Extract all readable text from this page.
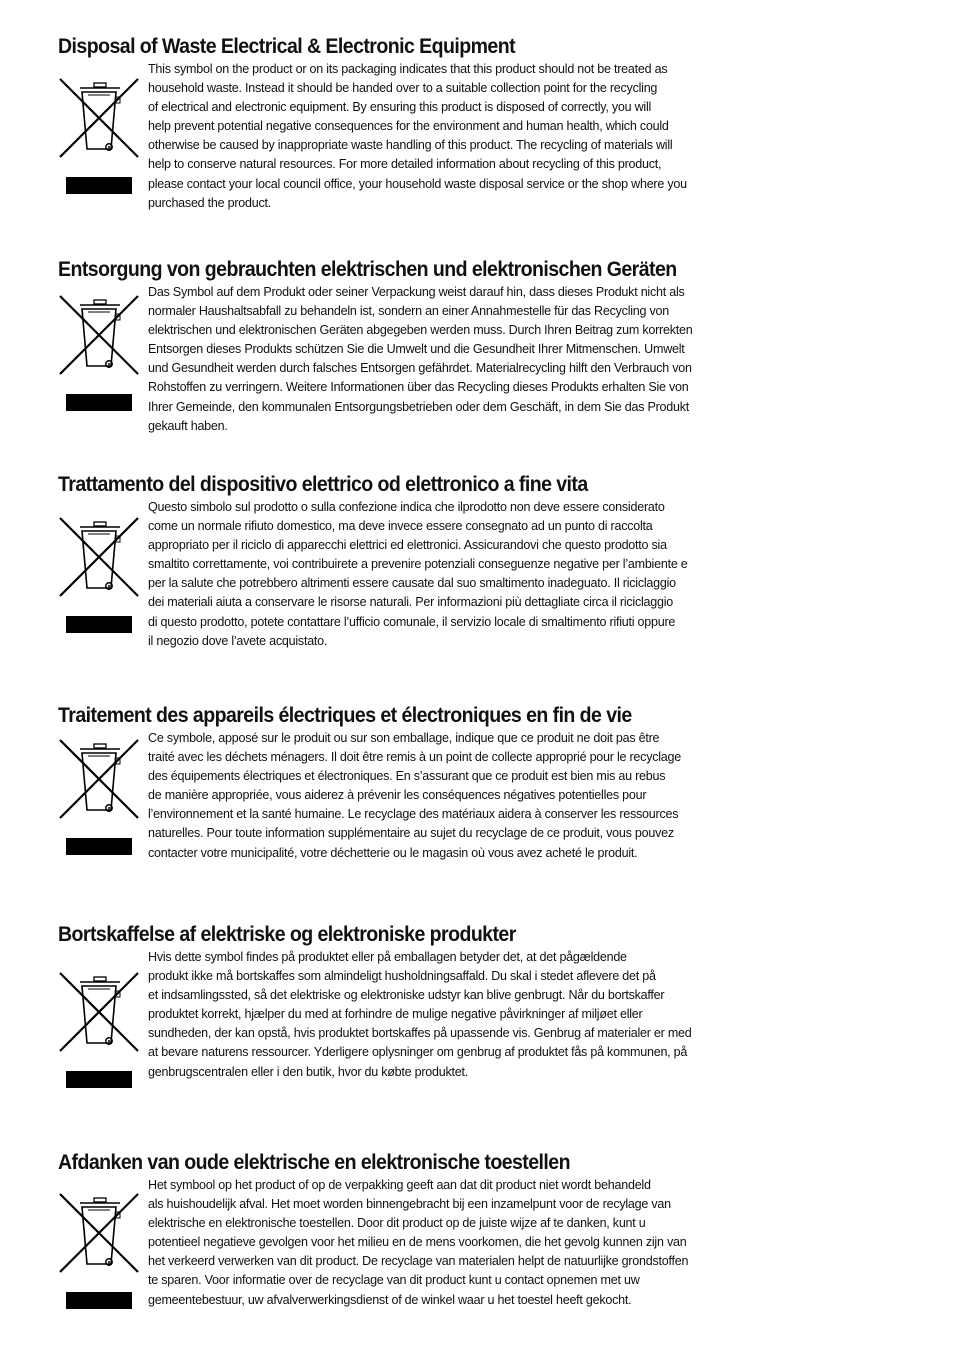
Disposal of Waste Electrical & Electronic Equipment

This symbol on the product or on its packaging indicates that this product should not be treated as
household waste. Instead it should be handed over to a suitable collection point for the recycling
of electrical and electronic equipment. By ensuring this product is disposed of correctly, you will
help prevent potential negative consequences for the environment and human health, which could
otherwise be caused by inappropriate waste handling of this product. The recycling of materials will
help to conserve natural resources. For more detailed information about recycling of this product,
please contact your local council office, your household waste disposal service or the shop where you
purchased the product.

Entsorgung von gebrauchten elektrischen und elektronischen Geräten

Das Symbol auf dem Produkt oder seiner Verpackung weist darauf hin, dass dieses Produkt nicht als
normaler Haushaltsabfall zu behandeln ist, sondern an einer Annahmestelle für das Recycling von
elektrischen und elektronischen Geräten abgegeben werden muss. Durch Ihren Beitrag zum korrekten
Entsorgen dieses Produkts schützen Sie die Umwelt und die Gesundheit Ihrer Mitmenschen. Umwelt
und Gesundheit werden durch falsches Entsorgen gefährdet. Materialrecycling hilft den Verbrauch von
Rohstoffen zu verringern. Weitere Informationen über das Recycling dieses Produkts erhalten Sie von
Ihrer Gemeinde, den kommunalen Entsorgungsbetrieben oder dem Geschäft, in dem Sie das Produkt
gekauft haben.

Trattamento del dispositivo elettrico od elettronico a fine vita

Questo simbolo sul prodotto o sulla confezione indica che ilprodotto non deve essere considerato
come un normale rifiuto domestico, ma deve invece essere consegnato ad un punto di raccolta
appropriato per il riciclo di apparecchi elettrici ed elettronici. Assicurandovi che questo prodotto sia
smaltito correttamente, voi contribuirete a prevenire potenziali conseguenze negative per l’ambiente e
per la salute che potrebbero altrimenti essere causate dal suo smaltimento inadeguato. Il riciclaggio
dei materiali aiuta a conservare le risorse naturali. Per informazioni più dettagliate circa il riciclaggio
di questo prodotto, potete contattare l’ufficio comunale, il servizio locale di smaltimento rifiuti oppure
il negozio dove l’avete acquistato.

Traitement des appareils électriques et électroniques en fin de vie

Ce symbole, apposé sur le produit ou sur son emballage, indique que ce produit ne doit pas être
traité avec les déchets ménagers. Il doit être remis à un point de collecte approprié pour le recyclage
des équipements électriques et électroniques. En s’assurant que ce produit est bien mis au rebus
de manière appropriée, vous aiderez à prévenir les conséquences négatives potentielles pour
l’environnement et la santé humaine. Le recyclage des matériaux aidera à conserver les ressources
naturelles. Pour toute information supplémentaire au sujet du recyclage de ce produit, vous pouvez
contacter votre municipalité, votre déchetterie ou le magasin où vous avez acheté le produit.

Bortskaffelse af elektriske og elektroniske produkter

Hvis dette symbol findes på produktet eller på emballagen betyder det, at det pågældende
produkt ikke må bortskaffes som almindeligt husholdningsaffald. Du skal i stedet aflevere det på
et indsamlingssted, så det elektriske og elektroniske udstyr kan blive genbrugt. Når du bortskaffer
produktet korrekt, hjælper du med at forhindre de mulige negative påvirkninger af miljøet eller
sundheden, der kan opstå, hvis produktet bortskaffes på upassende vis. Genbrug af materialer er med
at bevare naturens ressourcer. Yderligere oplysninger om genbrug af produktet fås på kommunen, på
genbrugscentralen eller i den butik, hvor du købte produktet.

Afdanken van oude elektrische en elektronische toestellen

Het symbool op het product of op de verpakking geeft aan dat dit product niet wordt behandeld
als huishoudelijk afval. Het moet worden binnengebracht bij een inzamelpunt voor de recylage van
elektrische en elektronische toestellen. Door dit product op de juiste wijze af te danken, kunt u
potentieel negatieve gevolgen voor het milieu en de mens voorkomen, die het gevolg kunnen zijn van
het verkeerd verwerken van dit product. De recyclage van materialen helpt de natuurlijke grondstoffen
te sparen. Voor informatie over de recyclage van dit product kunt u contact opnemen met uw
gemeentebestuur, uw afvalverwerkingsdienst of de winkel waar u het toestel heeft gekocht.
